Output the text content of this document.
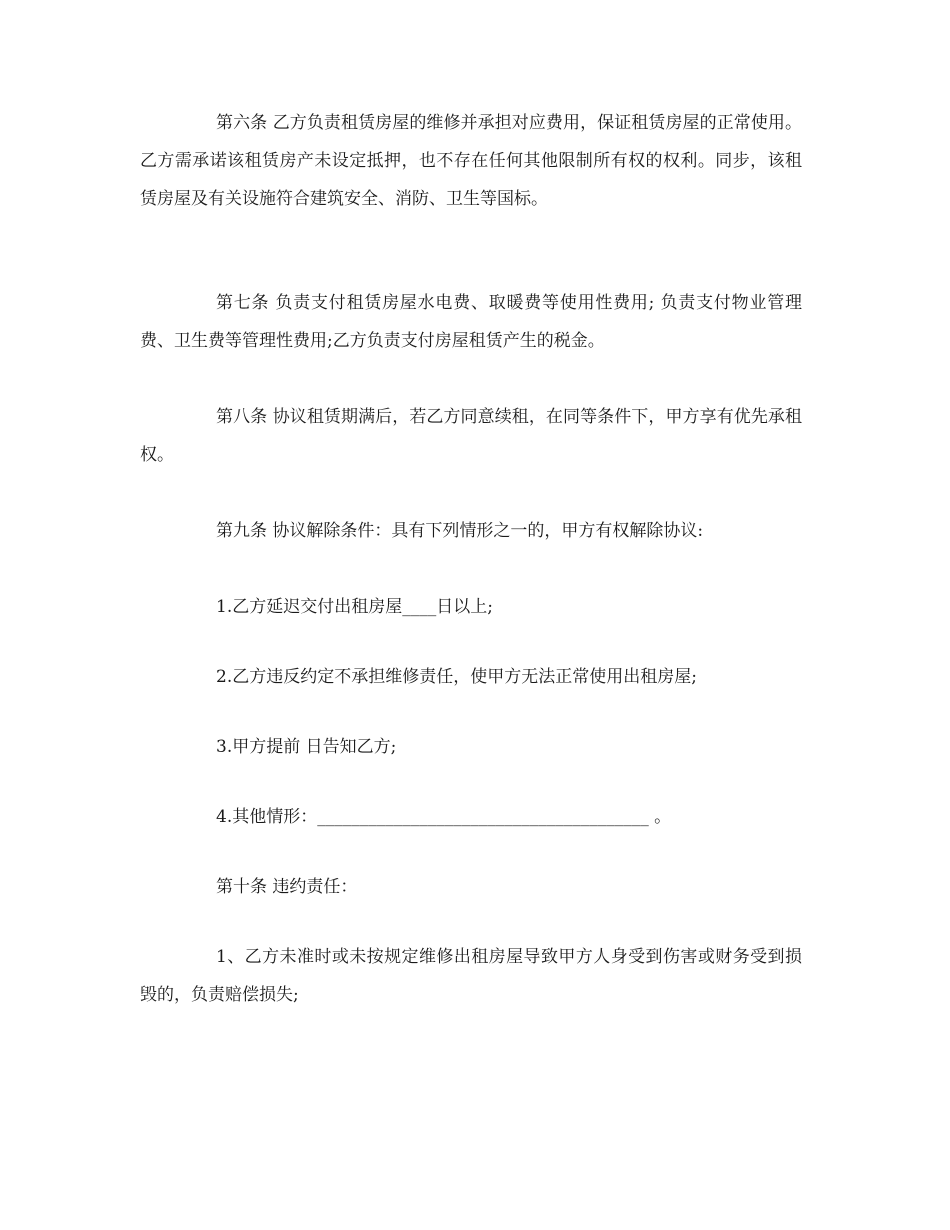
第六条 乙方负责租赁房屋的维修并承担对应费用，保证租赁房屋的正常使用。乙方需承诺该租赁房产未设定抵押，也不存在任何其他限制所有权的权利。同步，该租赁房屋及有关设施符合建筑安全、消防、卫生等国标。

第七条 负责支付租赁房屋水电费、取暖费等使用性费用; 负责支付物业管理费、卫生费等管理性费用;乙方负责支付房屋租赁产生的税金。

第八条 协议租赁期满后，若乙方同意续租，在同等条件下，甲方享有优先承租权。

第九条 协议解除条件：具有下列情形之一的，甲方有权解除协议:

1.乙方延迟交付出租房屋____日以上;

2.乙方违反约定不承担维修责任，使甲方无法正常使用出租房屋;

3.甲方提前 日告知乙方;

4.其他情形：_______________________________________ 。

第十条 违约责任：

1、乙方未准时或未按规定维修出租房屋导致甲方人身受到伤害或财务受到损毁的，负责赔偿损失;
